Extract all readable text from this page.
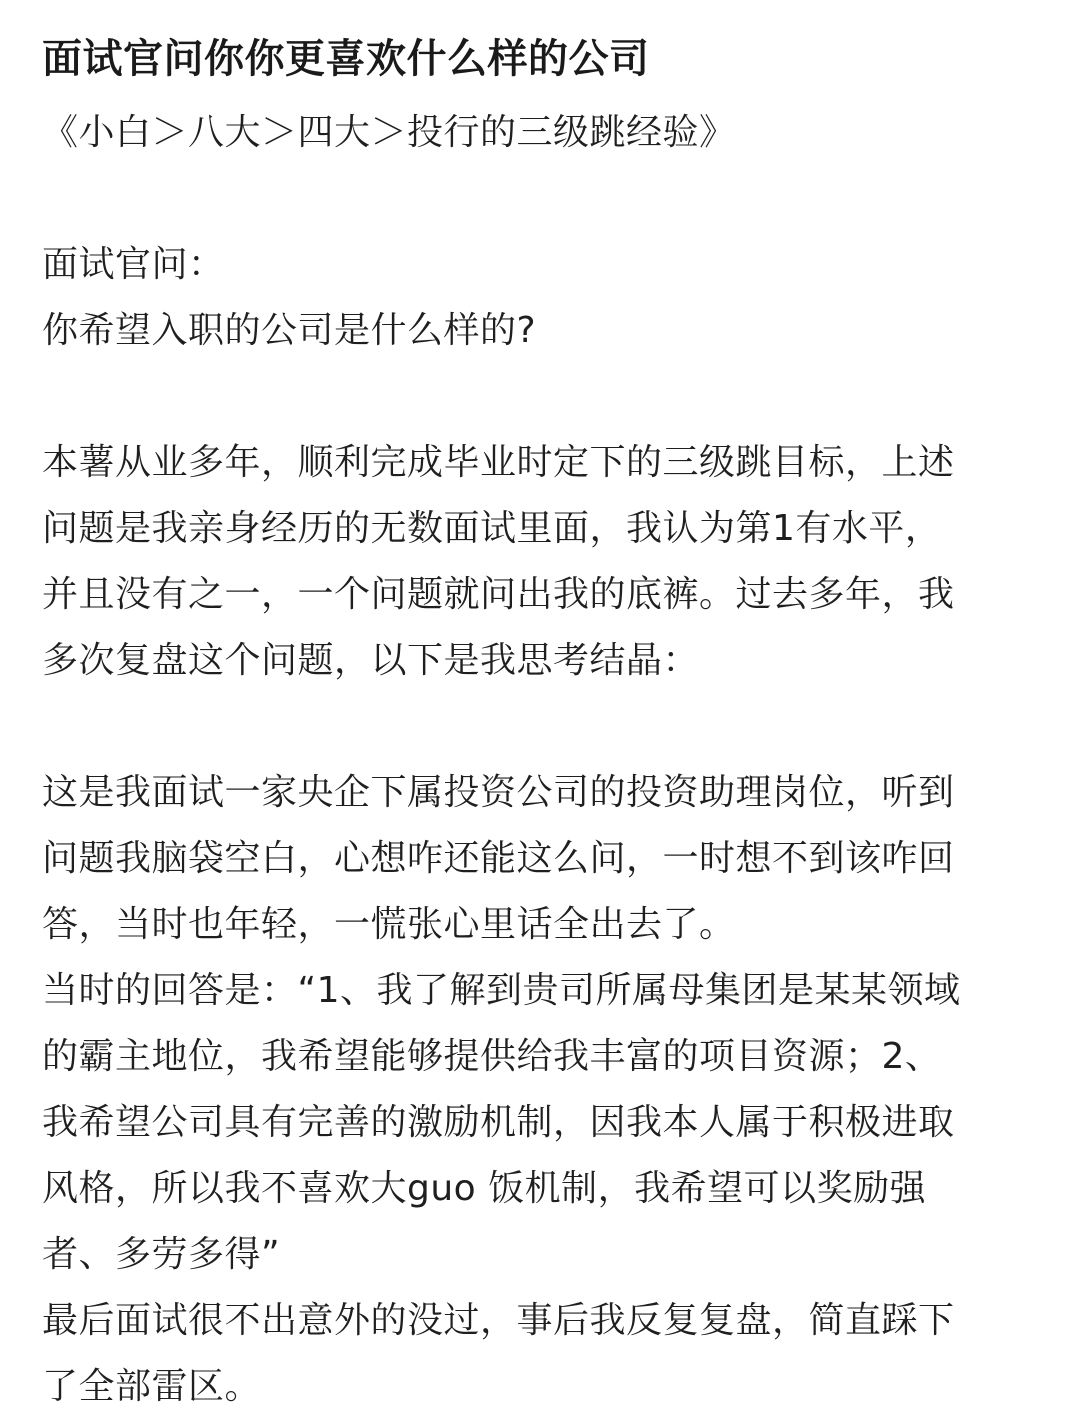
面试官问你你更喜欢什么样的公司

《小白＞八大＞四大＞投行的三级跳经验》

面试官问：
你希望入职的公司是什么样的?

本薯从业多年，顺利完成毕业时定下的三级跳目标，上述
问题是我亲身经历的无数面试里面，我认为第1有水平，
并且没有之一，一个问题就问出我的底裤。过去多年，我
多次复盘这个问题，以下是我思考结晶：

这是我面试一家央企下属投资公司的投资助理岗位，听到
问题我脑袋空白，心想咋还能这么问，一时想不到该咋回
答，当时也年轻，一慌张心里话全出去了。
当时的回答是：“1、我了解到贵司所属母集团是某某领域
的霸主地位，我希望能够提供给我丰富的项目资源；2、
我希望公司具有完善的激励机制，因我本人属于积极进取
风格，所以我不喜欢大guo 饭机制，我希望可以奖励强
者、多劳多得”
最后面试很不出意外的没过，事后我反复复盘，简直踩下
了全部雷区。
